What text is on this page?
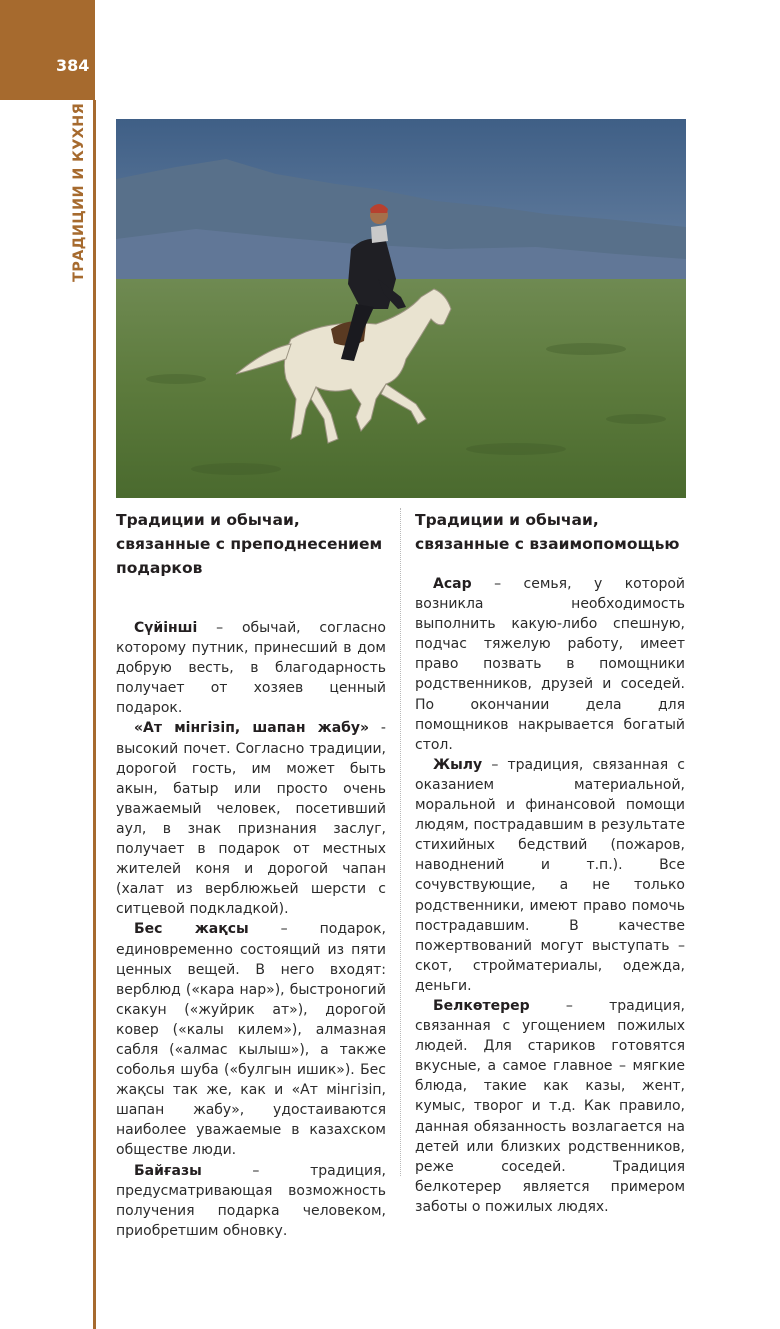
384
ТРАДИЦИИ И КУХНЯ
Традиции и обычаи, связанные с преподнесением подарков

Сүйінші – обычай, согласно которому путник, принесший в дом добрую весть, в благодарность получает от хозяев ценный подарок.

«Ат мінгізіп, шапан жабу» - высокий почет. Согласно традиции, дорогой гость, им может быть акын, батыр или просто очень уважаемый человек, посетивший аул, в знак признания заслуг, получает в подарок от местных жителей коня и дорогой чапан (халат из верблюжьей шерсти с ситцевой подкладкой).

Бес жақсы – подарок, единовременно состоящий из пяти ценных вещей. В него входят: верблюд («кара нар»), быстроногий скакун («жуйрик ат»), дорогой ковер («калы килем»), алмазная сабля («алмас кылыш»), а также соболья шуба («булгын ишик»). Бес жақсы так же, как и «Ат мінгізіп, шапан жабу», удостаиваются наиболее уважаемые в казахском обществе люди.

Байғазы – традиция, предусматривающая возможность получения подарка человеком, приобретшим обновку.

Традиции и обычаи, связанные с взаимопомощью

Асар – семья, у которой возникла необходимость выполнить какую-либо спешную, подчас тяжелую работу, имеет право позвать в помощники родственников, друзей и соседей. По окончании дела для помощников накрывается богатый стол.

Жылу – традиция, связанная с оказанием материальной, моральной и финансовой помощи людям, пострадавшим в результате стихийных бедствий (пожаров, наводнений и т.п.). Все сочувствующие, а не только родственники, имеют право помочь пострадавшим. В качестве пожертвований могут выступать – скот, стройматериалы, одежда, деньги.

Белкөтерер – традиция, связанная с угощением пожилых людей. Для стариков готовятся вкусные, а самое главное – мягкие блюда, такие как казы, жент, кумыс, творог и т.д. Как правило, данная обязанность возлагается на детей или близких родственников, реже соседей. Традиция белкотерер является примером заботы о пожилых людях.
